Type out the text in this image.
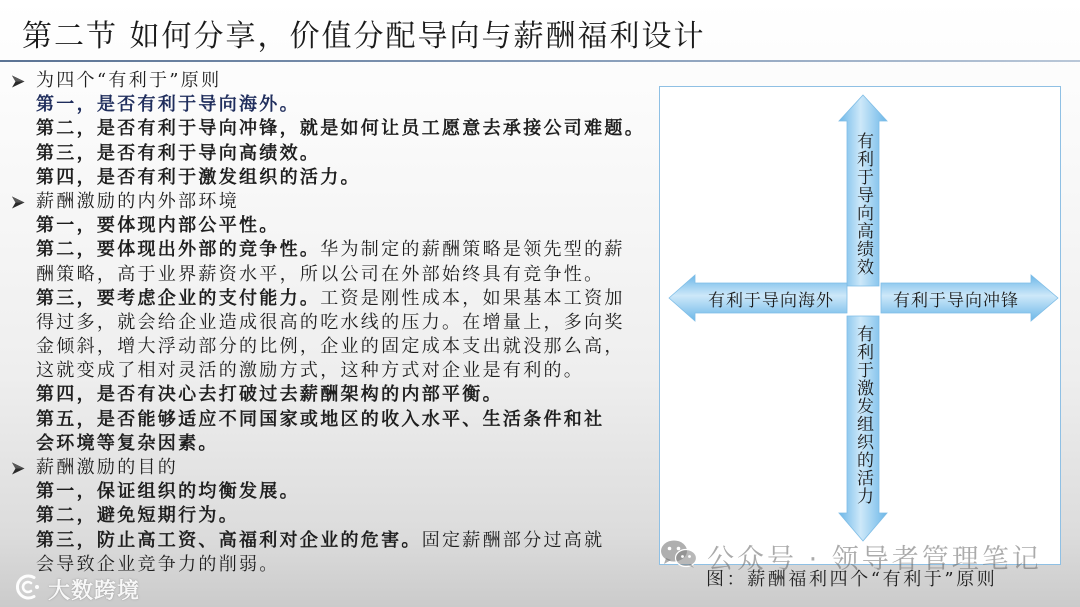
第二节 如何分享，价值分配导向与薪酬福利设计
为四个“有利于”原则
第一，是否有利于导向海外。
第二，是否有利于导向冲锋，就是如何让员工愿意去承接公司难题。
第三，是否有利于导向高绩效。
第四，是否有利于激发组织的活力。
薪酬激励的内外部环境
第一，要体现内部公平性。
第二，要体现出外部的竞争性。华为制定的薪酬策略是领先型的薪
酬策略，高于业界薪资水平，所以公司在外部始终具有竞争性。
第三，要考虑企业的支付能力。工资是刚性成本，如果基本工资加
得过多，就会给企业造成很高的吃水线的压力。在增量上，多向奖
金倾斜，增大浮动部分的比例，企业的固定成本支出就没那么高，
这就变成了相对灵活的激励方式，这种方式对企业是有利的。
第四，是否有决心去打破过去薪酬架构的内部平衡。
第五，是否能够适应不同国家或地区的收入水平、生活条件和社
会环境等复杂因素。
薪酬激励的目的
第一，保证组织的均衡发展。
第二，避免短期行为。
第三，防止高工资、高福利对企业的危害。固定薪酬部分过高就
会导致企业竞争力的削弱。
有利于导向高绩效
有利于激发组织的活力
有利于导向海外	有利于导向冲锋
图：薪酬福利四个“有利于”原则
公众号 · 领导者管理笔记
大数跨境
